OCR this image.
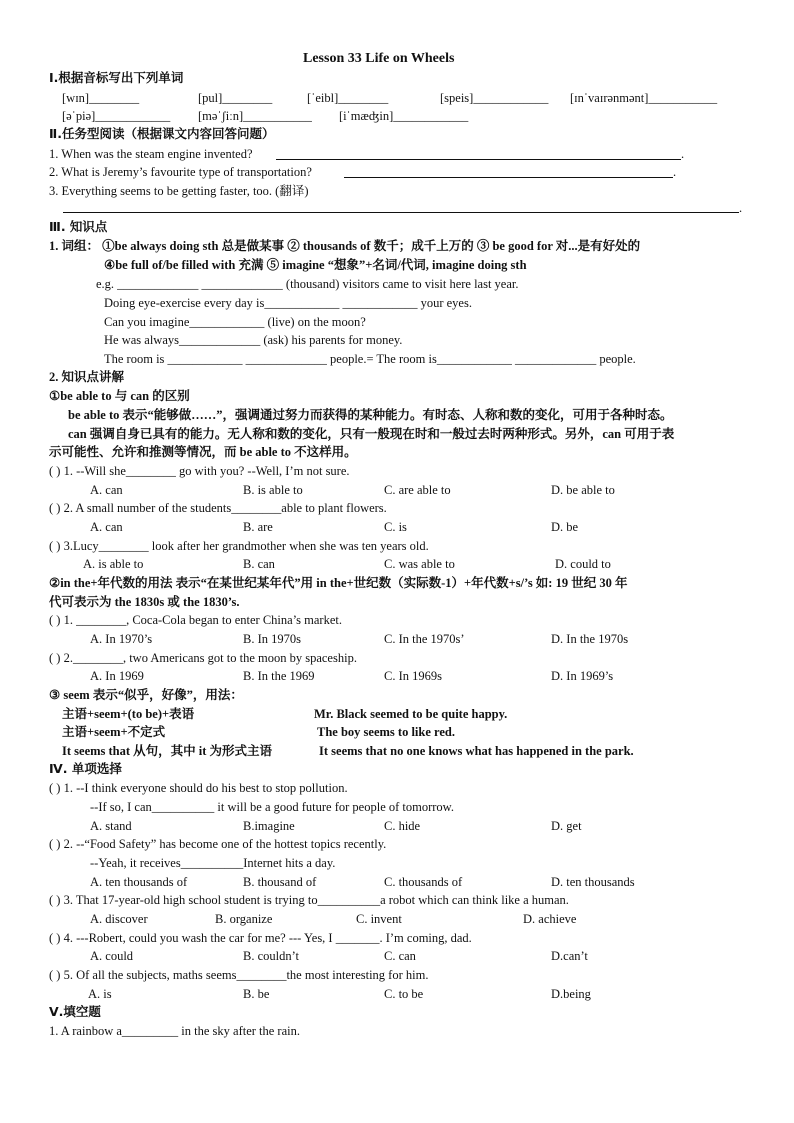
Lesson 33 Life on Wheels
Ⅰ.根据音标写出下列单词
[wɪn]________	[pul]________	[ˈeibl]________	[speis]____________ [ɪnˈvaɪrənmənt]___________
[əˈpiə]____________ [məˈʃiːn]___________ [iˈmæʤin]____________
Ⅱ.任务型阅读（根据课文内容回答问题）
1. When was the steam engine invented?	.
2. What is Jeremy’s favourite type of transportation?	.
3. Everything seems to be getting faster, too. (翻译)
.
Ⅲ. 知识点
1. 词组： ①be always doing sth 总是做某事 ② thousands of 数千；成千上万的 ③ be good for 对...是有好处的
④be full of/be filled with 充满 ⑤ imagine “想象”+名词/代词, imagine doing sth
e.g. _____________ _____________ (thousand) visitors came to visit here last year.
Doing eye-exercise every day is____________ ____________ your eyes.
Can you imagine____________ (live) on the moon?
He was always_____________ (ask) his parents for money.
The room is ____________ _____________ people.= The room is____________ _____________ people.
2. 知识点讲解
①be able to 与 can 的区别
be able to 表示“能够做……”，强调通过努力而获得的某种能力。有时态、人称和数的变化，可用于各种时态。
can 强调自身已具有的能力。无人称和数的变化，只有一般现在时和一般过去时两种形式。另外，can 可用于表
示可能性、允许和推测等情况，而 be able to 不这样用。
( ) 1. --Will she________ go with you? --Well, I’m not sure.
A. can	B. is able to	C. are able to	D. be able to
( ) 2. A small number of the students________able to plant flowers.
A. can	B. are	C. is	D. be
( ) 3.Lucy________ look after her grandmother when she was ten years old.
A. is able to	B. can	C. was able to	D. could to
②in the+年代数的用法 表示“在某世纪某年代”用 in the+世纪数（实际数-1）+年代数+s/’s 如: 19 世纪 30 年
代可表示为 the 1830s 或 the 1830’s.
( ) 1. ________, Coca-Cola began to enter China’s market.
A. In 1970’s	B. In 1970s	C. In the 1970s’	D. In the 1970s
( ) 2.________, two Americans got to the moon by spaceship.
A. In 1969	B. In the 1969	C. In 1969s	D. In 1969’s
③ seem 表示“似乎，好像”，用法：
主语+seem+(to be)+表语	Mr. Black seemed to be quite happy.
主语+seem+不定式	The boy seems to like red.
It seems that 从句，其中 it 为形式主语	It seems that no one knows what has happened in the park.
Ⅳ. 单项选择
( ) 1. --I think everyone should do his best to stop pollution.
--If so, I can__________ it will be a good future for people of tomorrow.
A. stand	B.imagine	C. hide	D. get
( ) 2. --“Food Safety” has become one of the hottest topics recently.
--Yeah, it receives__________Internet hits a day.
A. ten thousands of	B. thousand of	C. thousands of	D. ten thousands
( ) 3. That 17-year-old high school student is trying to__________a robot which can think like a human.
A. discover	B. organize	C. invent	D. achieve
( ) 4. ---Robert, could you wash the car for me? --- Yes, I _______. I’m coming, dad.
A. could	B. couldn’t	C. can	D.can’t
( ) 5. Of all the subjects, maths seems________the most interesting for him.
A. is	B. be	C. to be	D.being
Ⅴ.填空题
1. A rainbow a_________ in the sky after the rain.
